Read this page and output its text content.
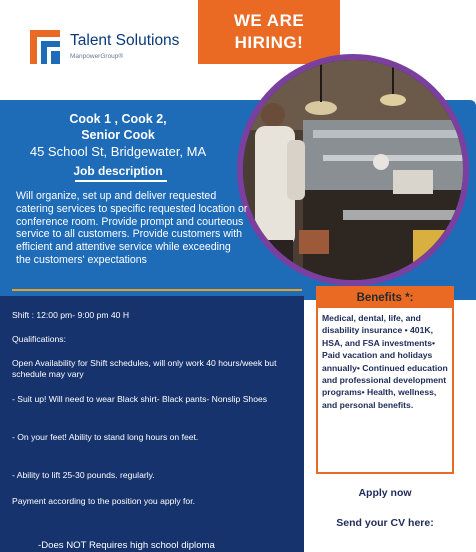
Talent Solutions
ManpowerGroup®
WE ARE
HIRING!
Cook 1 , Cook 2,
Senior Cook
45 School St, Bridgewater, MA
Job description
Will organize, set up and deliver requested catering services to specific requested location or conference room. Provide prompt and courteous service to all customers. Provide customers with efficient and attentive service while exceeding the customers' expectations
Shift : 12:00 pm- 9:00 pm 40 H
Qualifications:
Open Availability for Shift schedules, will only work 40 hours/week but schedule may vary
- Suit up! Will need to wear Black shirt- Black pants- Nonslip Shoes
- On your feet! Ability to stand long hours on feet.
- Ability to lift 25-30 pounds. regularly.
Payment according to the position you apply for.
-Does NOT Requires high school diploma
Benefits *:
Medical, dental, life, and disability insurance • 401K, HSA, and FSA investments• Paid vacation and holidays annually• Continued education and professional development programs• Health, wellness, and personal benefits.
Apply now
Send your CV here:
